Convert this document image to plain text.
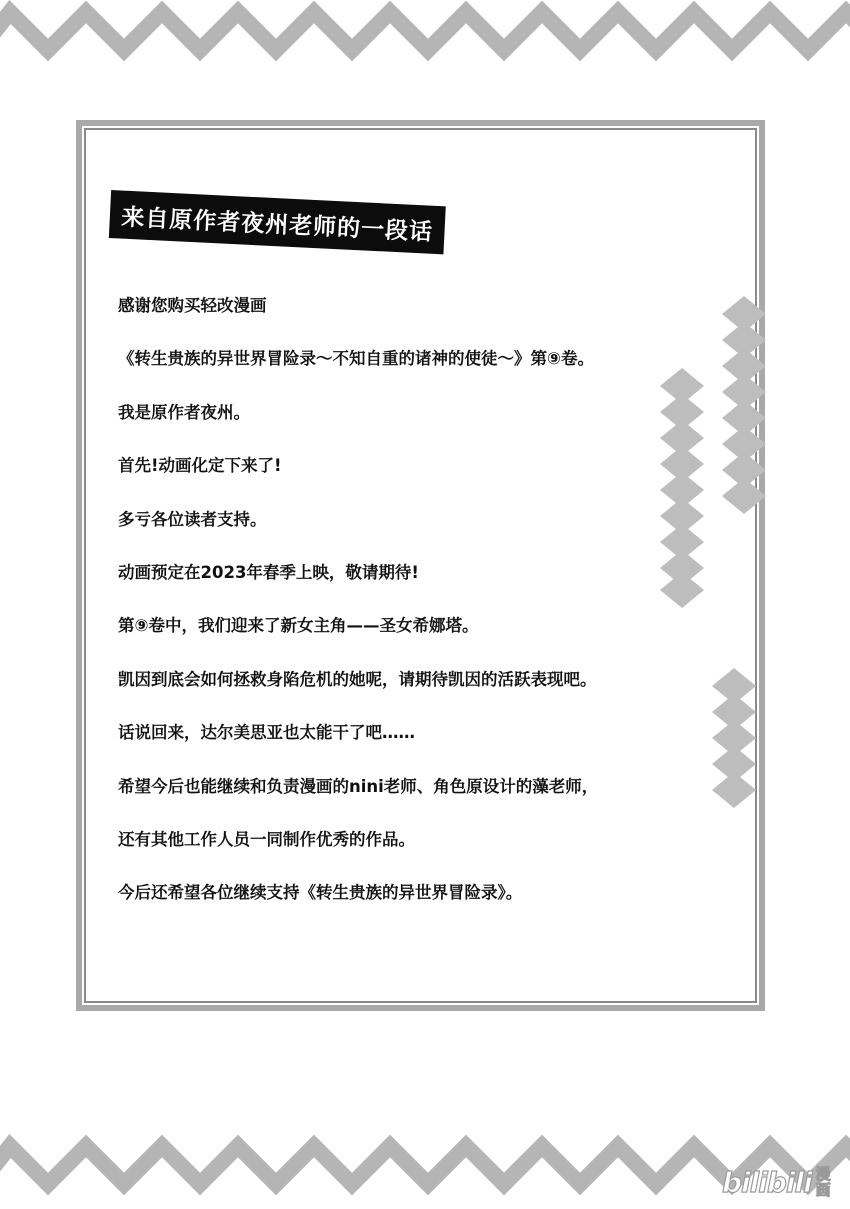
来自原作者夜州老师的一段话
感谢您购买轻改漫画
《转生贵族的异世界冒险录～不知自重的诸神的使徒～》第⑨卷。
我是原作者夜州。
首先!动画化定下来了!
多亏各位读者支持。
动画预定在2023年春季上映，敬请期待!
第⑨卷中，我们迎来了新女主角——圣女希娜塔。
凯因到底会如何拯救身陷危机的她呢，请期待凯因的活跃表现吧。
话说回来，达尔美思亚也太能干了吧……
希望今后也能继续和负责漫画的nini老师、角色原设计的藻老师，
还有其他工作人员一同制作优秀的作品。
今后还希望各位继续支持《转生贵族的异世界冒险录》。
bilibili 漫
画
